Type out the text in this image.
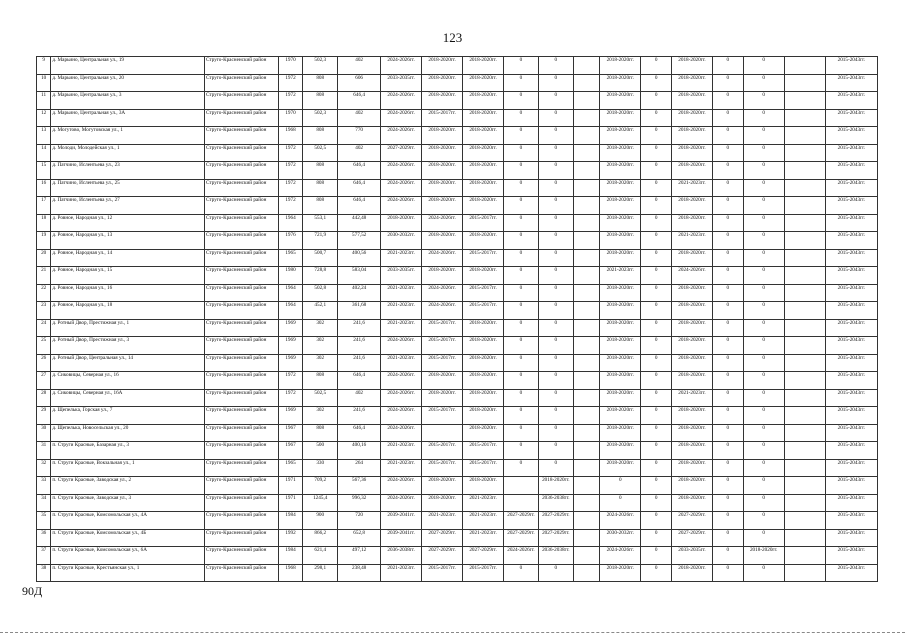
123
9	д. Марьино, Центральная ул., 19	Струго-Красненский район	1970	502,3	402	2024-2026гг.	2018-2020гг.	2018-2020гг.	0	0		2018-2020гг.	0	2018-2020гг.	0	0		2015-2043гг.
10	д. Марьино, Центральная ул., 20	Струго-Красненский район	1972	808	606	2033-2035гг.	2018-2020гг.	2018-2020гг.	0	0		2018-2020гг.	0	2018-2020гг.	0	0		2015-2043гг.
11	д. Марьино, Центральная ул., 3	Струго-Красненский район	1972	808	646,4	2024-2026гг.	2018-2020гг.	2018-2020гг.	0	0		2018-2020гг.	0	2018-2020гг.	0	0		2015-2043гг.
12	д. Марьино, Центральная ул., 3А	Струго-Красненский район	1970	502,3	402	2024-2026гг.	2015-2017гг.	2018-2020гг.	0	0		2018-2020гг.	0	2018-2020гг.	0	0		2015-2043гг.
13	д. Могутово, Могутовская ул., 1	Струго-Красненский район	1968	808	770	2024-2026гг.	2018-2020гг.	2018-2020гг.	0	0		2018-2020гг.	0	2018-2020гг.	0	0		2015-2043гг.
14	д. Молоди, Молодейская ул., 1	Струго-Красненский район	1972	502,5	402	2027-2029гг.	2018-2020гг.	2018-2020гг.	0	0		2018-2020гг.	0	2018-2020гг.	0	0		2015-2043гг.
15	д. Патчино, Ислентьева ул., 23	Струго-Красненский район	1972	808	646,4	2024-2026гг.	2018-2020гг.	2018-2020гг.	0	0		2018-2020гг.	0	2018-2020гг.	0	0		2015-2043гг.
16	д. Патчино, Ислентьева ул., 25	Струго-Красненский район	1972	808	646,4	2024-2026гг.	2018-2020гг.	2018-2020гг.	0	0		2018-2020гг.	0	2021-2023гг.	0	0		2015-2043гг.
17	д. Патчино, Ислентьева ул., 27	Струго-Красненский район	1972	808	646,4	2024-2026гг.	2018-2020гг.	2018-2020гг.	0	0		2018-2020гг.	0	2018-2020гг.	0	0		2015-2043гг.
18	д. Ровное, Народная ул., 12	Струго-Красненский район	1964	553,1	442,48	2018-2020гг.	2024-2026гг.	2015-2017гг.	0	0		2018-2020гг.	0	2018-2020гг.	0	0		2015-2043гг.
19	д. Ровное, Народная ул., 13	Струго-Красненский район	1976	721,9	577,52	2030-2032гг.	2018-2020гг.	2018-2020гг.	0	0		2018-2020гг.	0	2021-2023гг.	0	0		2015-2043гг.
20	д. Ровное, Народная ул., 14	Струго-Красненский район	1965	500,7	400,56	2021-2023гг.	2024-2026гг.	2015-2017гг.	0	0		2018-2020гг.	0	2018-2020гг.	0	0		2015-2043гг.
21	д. Ровное, Народная ул., 15	Струго-Красненский район	1980	728,8	583,04	2033-2035гг.	2018-2020гг.	2018-2020гг.	0	0		2021-2023гг.	0	2024-2026гг.	0	0		2015-2043гг.
22	д. Ровное, Народная ул., 16	Струго-Красненский район	1964	502,8	402,24	2021-2023гг.	2024-2026гг.	2015-2017гг.	0	0		2018-2020гг.	0	2018-2020гг.	0	0		2015-2043гг.
23	д. Ровное, Народная ул., 18	Струго-Красненский район	1964	452,1	361,68	2021-2023гг.	2024-2026гг.	2015-2017гг.	0	0		2018-2020гг.	0	2018-2020гг.	0	0		2015-2043гг.
24	д. Ротный Двор, Престижная ул., 1	Струго-Красненский район	1969	302	241,6	2021-2023гг.	2015-2017гг.	2018-2020гг.	0	0		2018-2020гг.	0	2018-2020гг.	0	0		2015-2043гг.
25	д. Ротный Двор, Престижная ул., 3	Струго-Красненский район	1969	302	241,6	2024-2026гг.	2015-2017гг.	2018-2020гг.	0	0		2018-2020гг.	0	2018-2020гг.	0	0		2015-2043гг.
26	д. Ротный Двор, Центральная ул., 14	Струго-Красненский район	1969	302	241,6	2021-2023гг.	2015-2017гг.	2018-2020гг.	0	0		2018-2020гг.	0	2018-2020гг.	0	0		2015-2043гг.
27	д. Сиковицы, Северная ул., 16	Струго-Красненский район	1972	808	646,4	2024-2026гг.	2018-2020гг.	2018-2020гг.	0	0		2018-2020гг.	0	2018-2020гг.	0	0		2015-2043гг.
28	д. Сиковицы, Северная ул., 16А	Струго-Красненский район	1972	502,5	402	2024-2026гг.	2018-2020гг.	2018-2020гг.	0	0		2018-2020гг.	0	2021-2023гг.	0	0		2015-2043гг.
29	д. Щепелька, Горская ул., 7	Струго-Красненский район	1969	302	241,6	2024-2026гг.	2015-2017гг.	2018-2020гг.	0	0		2018-2020гг.	0	2018-2020гг.	0	0		2015-2043гг.
30	д. Щепелька, Новосельская ул., 20	Струго-Красненский район	1967	808	646,4	2024-2026гг.		2018-2020гг.	0	0		2018-2020гг.	0	2018-2020гг.	0	0		2015-2043гг.
31	п. Струги Красные, Базарная ул., 3	Струго-Красненский район	1967	500	400,16	2021-2023гг.	2015-2017гг.	2015-2017гг.	0	0		2018-2020гг.	0	2018-2020гг.	0	0		2015-2043гг.
32	п. Струги Красные, Вокзальная ул., 1	Струго-Красненский район	1965	330	264	2021-2023гг.	2015-2017гг.	2015-2017гг.	0	0		2018-2020гг.	0	2018-2020гг.	0	0		2015-2043гг.
33	п. Струги Красные, Заводская ул., 2	Струго-Красненский район	1971	709,2	567,36	2024-2026гг.	2018-2020гг.	2018-2020гг.		2018-2020гг.		0	0	2018-2020гг.	0	0		2015-2043гг.
34	п. Струги Красные, Заводская ул., 3	Струго-Красненский район	1971	1245,4	996,32	2024-2026гг.	2018-2020гг.	2021-2023гг.		2036-2038гг.		0	0	2018-2020гг.	0	0		2015-2043гг.
35	п. Струги Красные, Комсомольская ул., 4А	Струго-Красненский район	1984	900	720	2039-2041гг.	2021-2023гг.	2021-2023гг.	2027-2029гг.	2027-2029гг.		2024-2026гг.	0	2027-2029гг.	0	0		2015-2043гг.
36	п. Струги Красные, Комсомольская ул., 4Б	Струго-Красненский район	1992	866,2	652,8	2039-2041гг.	2027-2029гг.	2021-2023гг.	2027-2029гг.	2027-2029гг.		2030-2032гг.	0	2027-2029гг.	0	0		2015-2043гг.
37	п. Струги Красные, Комсомольская ул., 6А	Струго-Красненский район	1984	621,4	497,12	2036-2038гг.	2027-2029гг.	2027-2029гг.	2024-2026гг.	2036-2038гг.		2024-2026гг.	0	2033-2035гг.	0	2018-2020гг.		2015-2043гг.
38	п. Струги Красные, Крестьянская ул., 1	Струго-Красненский район	1968	298,1	238,48	2021-2023гг.	2015-2017гг.	2015-2017гг.	0	0		2018-2020гг.	0	2018-2020гг.	0	0		2015-2043гг.
90Д
